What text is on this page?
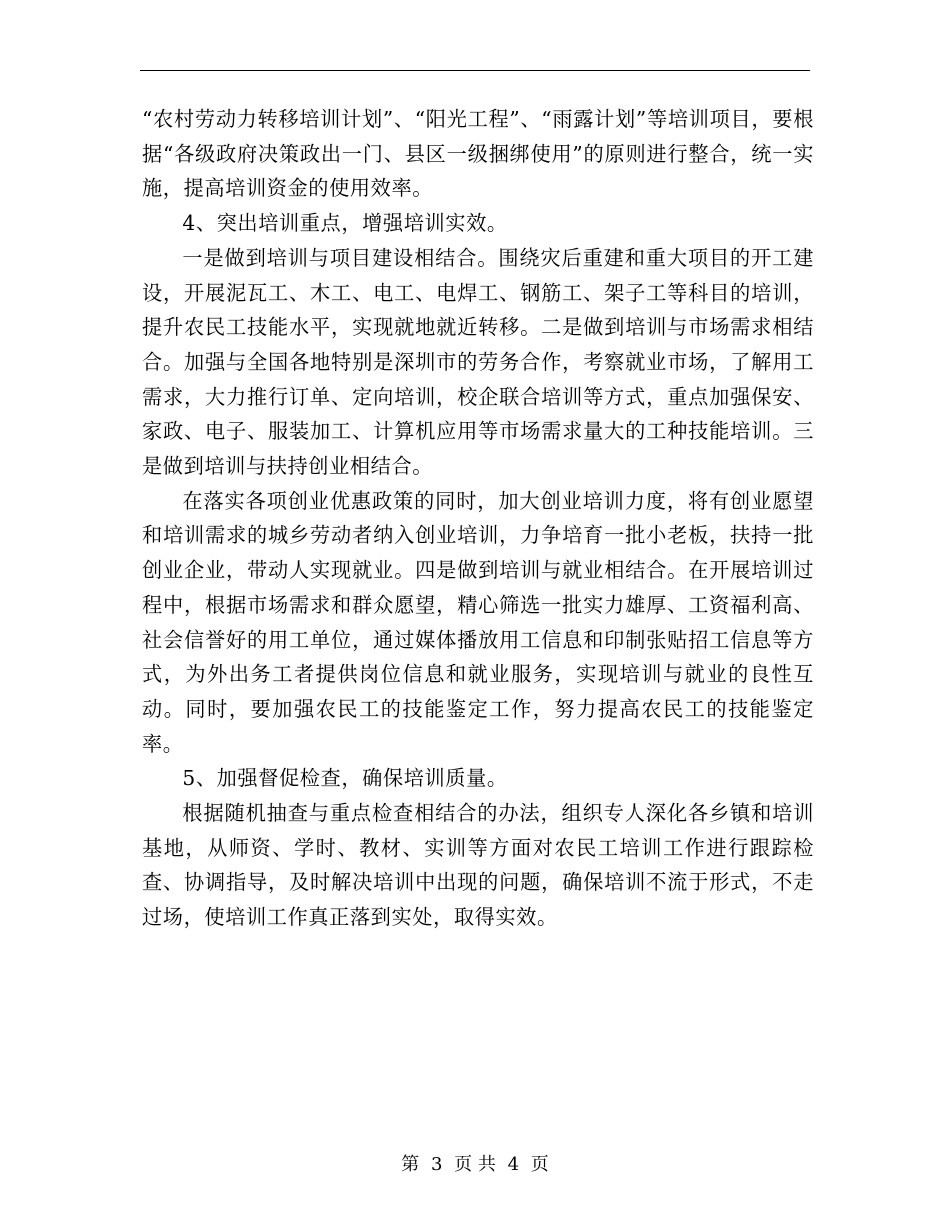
“农村劳动力转移培训计划”、“阳光工程”、“雨露计划”等培训项目，要根据“各级政府决策政出一门、县区一级捆绑使用”的原则进行整合，统一实施，提高培训资金的使用效率。

4、突出培训重点，增强培训实效。

一是做到培训与项目建设相结合。围绕灾后重建和重大项目的开工建设，开展泥瓦工、木工、电工、电焊工、钢筋工、架子工等科目的培训，提升农民工技能水平，实现就地就近转移。二是做到培训与市场需求相结合。加强与全国各地特别是深圳市的劳务合作，考察就业市场，了解用工需求，大力推行订单、定向培训，校企联合培训等方式，重点加强保安、家政、电子、服装加工、计算机应用等市场需求量大的工种技能培训。三是做到培训与扶持创业相结合。

在落实各项创业优惠政策的同时，加大创业培训力度，将有创业愿望和培训需求的城乡劳动者纳入创业培训，力争培育一批小老板，扶持一批创业企业，带动人实现就业。四是做到培训与就业相结合。在开展培训过程中，根据市场需求和群众愿望，精心筛选一批实力雄厚、工资福利高、社会信誉好的用工单位，通过媒体播放用工信息和印制张贴招工信息等方式，为外出务工者提供岗位信息和就业服务，实现培训与就业的良性互动。同时，要加强农民工的技能鉴定工作，努力提高农民工的技能鉴定率。

5、加强督促检查，确保培训质量。

根据随机抽查与重点检查相结合的办法，组织专人深化各乡镇和培训基地，从师资、学时、教材、实训等方面对农民工培训工作进行跟踪检查、协调指导，及时解决培训中出现的问题，确保培训不流于形式，不走过场，使培训工作真正落到实处，取得实效。

第 3 页 共 4 页
